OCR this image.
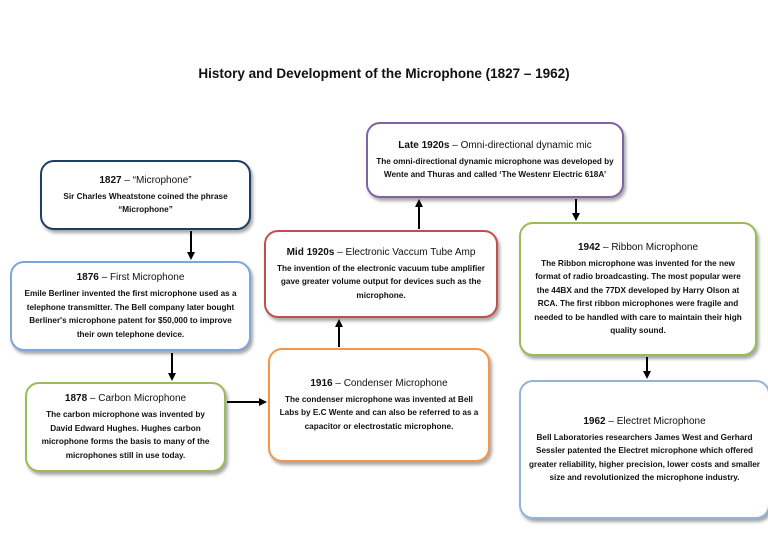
History and Development of the Microphone (1827 – 1962)
1827 – “Microphone”
Sir Charles Wheatstone coined the phrase “Microphone”
1876 – First Microphone
Emile Berliner invented the first microphone used as a telephone transmitter. The Bell company later bought Berliner's microphone patent for $50,000 to improve their own telephone device.
1878 – Carbon Microphone
The carbon microphone was invented by David Edward Hughes. Hughes carbon microphone forms the basis to many of the microphones still in use today.
1916 – Condenser Microphone
The condenser microphone was invented at Bell Labs by E.C Wente and can also be referred to as a capacitor or electrostatic microphone.
Mid 1920s – Electronic Vaccum Tube Amp
The invention of the electronic vacuum tube amplifier gave greater volume output for devices such as the microphone.
Late 1920s – Omni-directional dynamic mic
The omni-directional dynamic microphone was developed by Wente and Thuras and called ‘The Westenr Electric 618A’
1942 – Ribbon Microphone
The Ribbon microphone was invented for the new format of radio broadcasting. The most popular were the 44BX and the 77DX developed by Harry Olson at RCA. The first ribbon microphones were fragile and needed to be handled with care to maintain their high quality sound.
1962 – Electret Microphone
Bell Laboratories researchers James West and Gerhard Sessler patented the Electret microphone which offered greater reliability, higher precision, lower costs and smaller size and revolutionized the microphone industry.
